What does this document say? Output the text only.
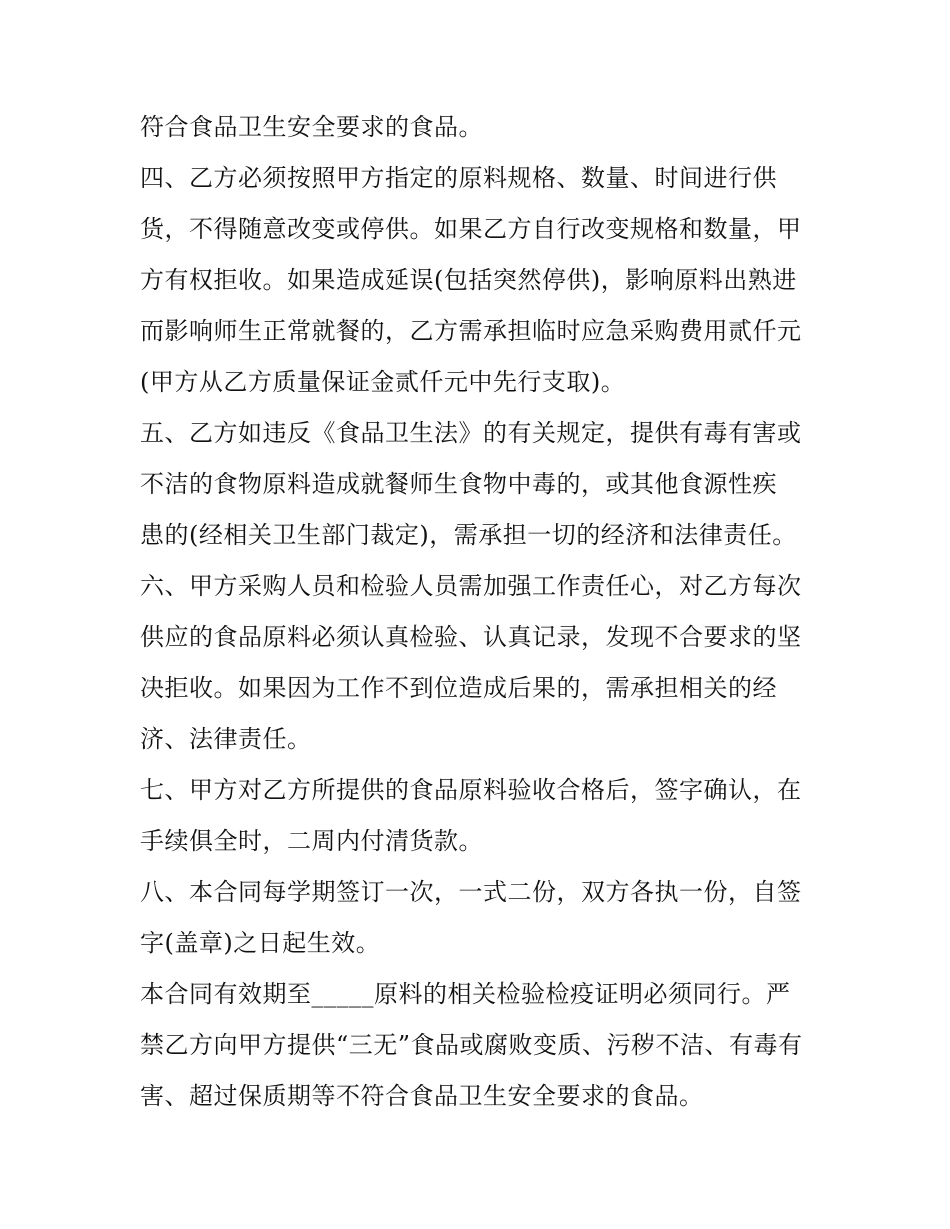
符合食品卫生安全要求的食品。
四、乙方必须按照甲方指定的原料规格、数量、时间进行供
货，不得随意改变或停供。如果乙方自行改变规格和数量，甲
方有权拒收。如果造成延误(包括突然停供)，影响原料出熟进
而影响师生正常就餐的，乙方需承担临时应急采购费用贰仟元
(甲方从乙方质量保证金贰仟元中先行支取)。
五、乙方如违反《食品卫生法》的有关规定，提供有毒有害或
不洁的食物原料造成就餐师生食物中毒的，或其他食源性疾
患的(经相关卫生部门裁定)，需承担一切的经济和法律责任。
六、甲方采购人员和检验人员需加强工作责任心，对乙方每次
供应的食品原料必须认真检验、认真记录，发现不合要求的坚
决拒收。如果因为工作不到位造成后果的，需承担相关的经
济、法律责任。
七、甲方对乙方所提供的食品原料验收合格后，签字确认，在
手续俱全时，二周内付清货款。
八、本合同每学期签订一次，一式二份，双方各执一份，自签
字(盖章)之日起生效。
本合同有效期至_____原料的相关检验检疫证明必须同行。严
禁乙方向甲方提供“三无”食品或腐败变质、污秽不洁、有毒有
害、超过保质期等不符合食品卫生安全要求的食品。
